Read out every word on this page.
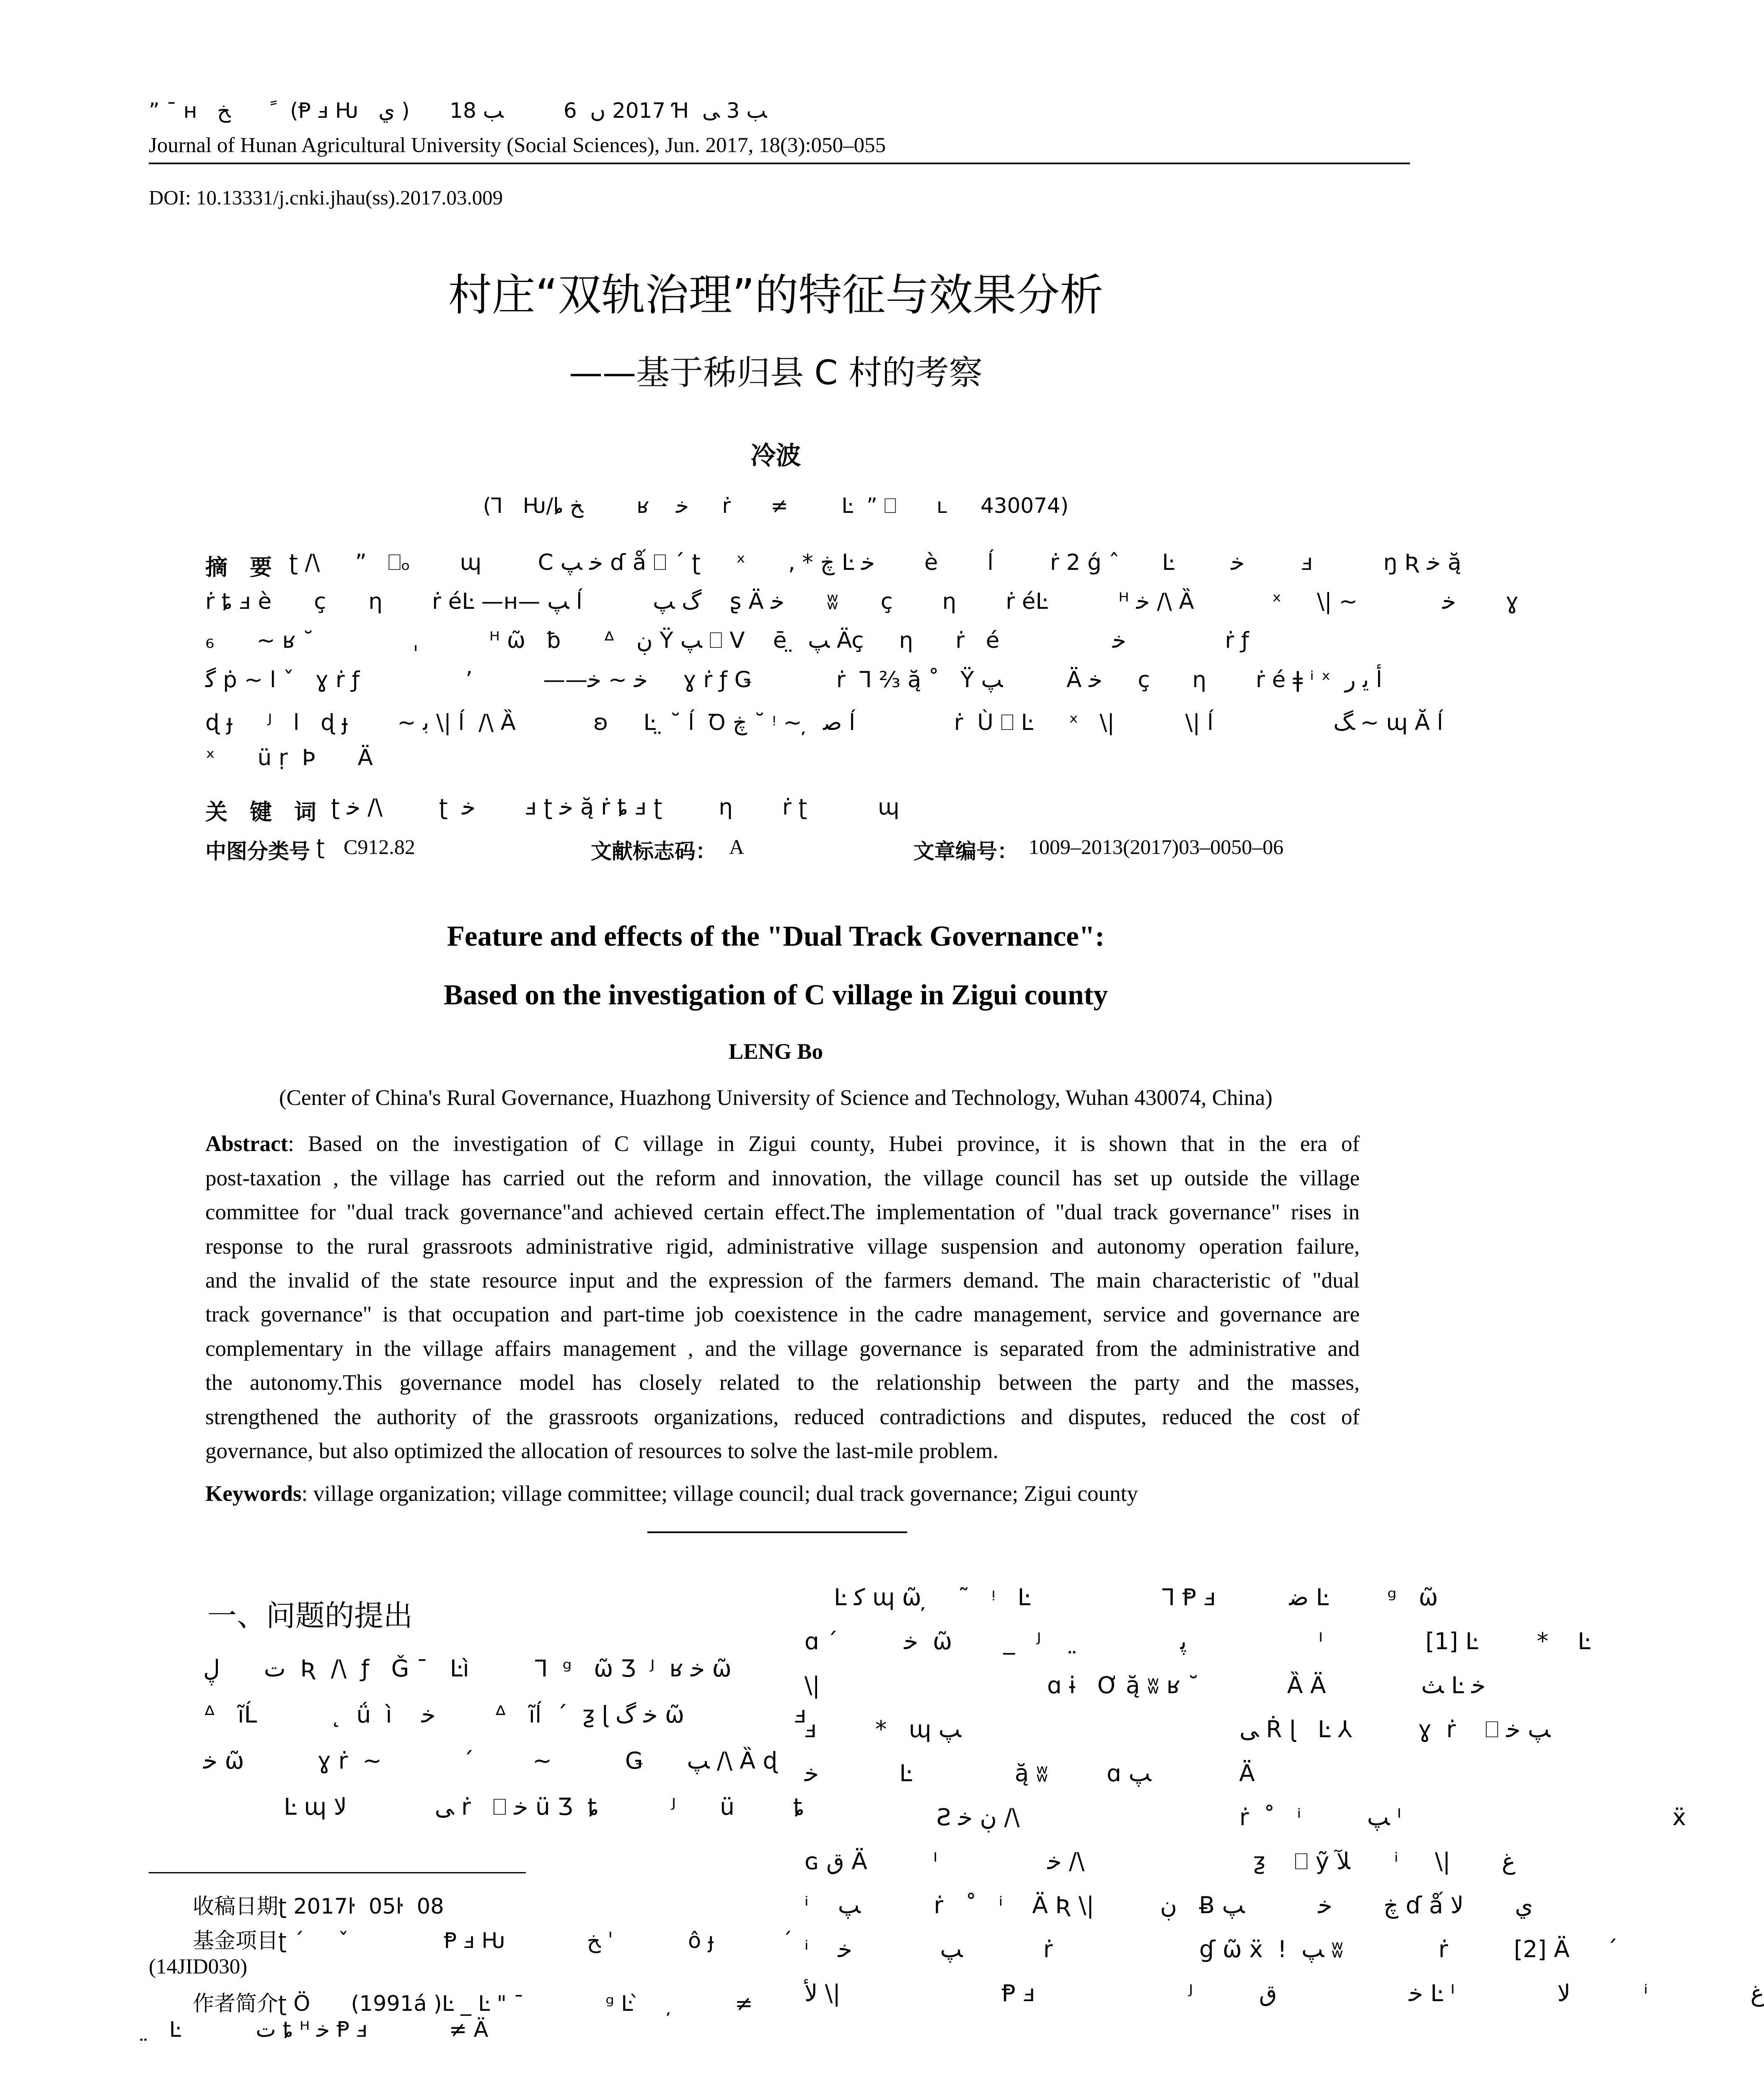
” ¯ ʜ   ﺦ       ً  (Ᵽ ⅎ Ƕ   ي )      2017 ں  6         ﺐ 18 Ɦ  ﺐ 3 ﯽ
Journal of Hunan Agricultural University (Social Sciences), Jun. 2017, 18(3):050–055
DOI: 10.13331/j.cnki.jhau(ss).2017.03.009
村庄“双轨治理”的特征与效果分析
——基于秭归县 C 村的考察
冷波
(⅂   Ƕ/ȴ ﺦ        ʁ    ﺧ     ṙ      ≠        Ŀ  ” ⎕      ʟ     430074)
摘　要 ʈ /\     ”   ⎕ₒ       ɰ        C ﺧ ﭗ ɗ ǻ ⎕ ´ ʈ     ˣ      ‚ * ڿ Ŀ ﺧ       è       ĺ        ṙ 2 ǵ ˆ      Ŀ        ﺧ        ⅎ          ŋ Ʀ ﺧ ą̆
ṙ ȶ ⅎ è      ç      η       ṙ éĿ —ʜ— ﭗ ĺ          ﮒ ﭗ    ʂ Ä ﺧ      ʬ      ç       η       ṙ éĿ          ᴴ ﺧ /\ Ȁ           ˣ     \| ~            ﺧ       ɣ
₆      ~ ʁ ˘              ˌ          ᴴ ῶ   ƀ      ᐞ   ڹ Ÿ ﭗ ⎕ V    ē ̤  ﭗ Äç     η      ṙ   é                ﺧ              ṙ ƒ
ﮔ ṗ ~ l ˇ   ɣ ṙ ƒ               ʼ          ——ﺧ ~ ﺧ     ɣ ṙ ƒ Ǥ            ṙ  ⅂ ⅔ ą̆ ˚   Ÿ ﭗ         Ä ﺧ     ç      η       ṙ é ǂ ⁱ ˣ  ﺃ ﻳ ﺭ
ɖ ɟ     ᴶ   l   ɖ ɟ       ~ ﺑ \| ĺ  /\ Ȁ           ʚ     Ŀ ̤ ˘ ĺ  Ꝺ ڿ ˘ ᵎ ~ ̦  ﺻ ĺ              ṙ  Ù ⎕ Ŀ     ˣ   \|          \| ĺ                 ﮓ ~ ɰ Ă ĺ
ˣ      ü ṛ  Þ      Ä
关　键　词 ʈ ﺧ /\        ʈ  ﺧ       ⅎ ʈ ﺧ ą̆ ṙ ȶ ⅎ ʈ        η       ṙ ʈ          ɰ
中图分类号 ʈ C912.82	文献标志码： A	文章编号： 1009–2013(2017)03–0050–06
Feature and effects of the "Dual Track Governance":
Based on the investigation of C village in Zigui county
LENG Bo
(Center of China's Rural Governance, Huazhong University of Science and Technology, Wuhan 430074, China)
Abstract: Based on the investigation of C village in Zigui county, Hubei province, it is shown that in the era of
post-taxation , the village has carried out the reform and innovation, the village council has set up outside the village
committee for "dual track governance"and achieved certain effect.The implementation of "dual track governance" rises in
response to the rural grassroots administrative rigid, administrative village suspension and autonomy operation failure,
and the invalid of the state resource input and the expression of the farmers demand. The main characteristic of "dual
track governance" is that occupation and part-time job coexistence in the cadre management, service and governance are
complementary in the village affairs management , and the village governance is separated from the administrative and
the autonomy.This governance model has closely related to the relationship between the party and the masses,
strengthened the authority of the grassroots organizations, reduced contradictions and disputes, reduced the cost of
governance, but also optimized the allocation of resources to solve the last-mile problem.
Keywords: village organization; village committee; village council; dual track governance; Zigui county
一、问题的提出
ﺕ      ڸ  Ʀ  /\  ƒ   Ǧ ¯   Ŀì         ⅂  ᵍ   ῶ Ʒ  ᴶ  ʁ ﺧ ῶ
ᐞ   ĩĹ          ˛  ǘ  ì    ﺧ        ᐞ   ĩĺ  ˊ  ƺ ɭ ﺧ ﮒ ῶ               ⅎ
ﺧ ῶ          ɣ ṙ  ~           ˊ        ~          Ǥ      ﭗ /\ Ȁ ɖ
Ŀ ɰ ﯽ            ﻻ ṙ   ⎕ ﺧ ü Ʒ  ȶ          ᴶ      ü        ȶ
收稿日期ʈ 2017ŀ  05ŀ  08
基金项目ʈ ˊ     ˇ              Ᵽ ⅎ Ƕ            ﺦ ˈ           ô ɟ          ˊ
(14JID030)
作者简介ʈ Ö      (1991á )Ŀ _ Ŀ " ¯            ᵍ Ŀ ̀     ̦         ≠
̤   Ŀ           ﺕ ȶ ᴴ ﺧ Ᵽ ⅎ            ≠ Ä
Ŀ ﮐ ɰ ῶ ̦    ˜   ᵎ   Ŀ                  ⅂ Ᵽ ⅎ          ﺿ Ŀ        ᵍ   ῶ
ɑ ˊ         ﺧ  ῶ       _   ᴶ     ̤              ﭘ                  ᴵ              [1] Ŀ        *    Ŀ
\|                               ɑ ɨ   Ơ ą̆ ʬ ʁ ˘            Ȁ Ä             ﺚ Ŀ ﺧ
ⅎ        *   ɰ ﯽ                                      ﭗ Ṙ ɭ   Ŀ ⅄         ɣ  ṙ    ⎕ ﭗ ﺧ
ﺧ           Ŀ              ą̆ ʬ        ɑ ﭗ            Ä
Ƨ ڹ ﺧ /\                              ṙ  ˚   ⁱ         ﭗ ᴵ                                     ẍ
ɢ ﻕ Ä         ᴵ               ﺧ /\                       ƺ    ⎕ ỹ ﻶ      ⁱ     \|       ﻍ
ⁱ    ﭗ          ṙ   ˚   ⁱ    Ä Ʀ \|         ڹ   Ƀ ڿ       ﺧ          ﭗ ɗ ǻ ي       ﻻ
ⁱ    ﭗ            ﺧ           ṙ                    ɠ ῶ ẍ  !  ﭗ ʬ             ṙ         [2] Ä     ˊ
ﻷ \|                      Ᵽ ⅎ                     ᴶ         ﺧ                  ﻕ Ŀ ᴵ              ﻻ          ⁱ              ﻍ
